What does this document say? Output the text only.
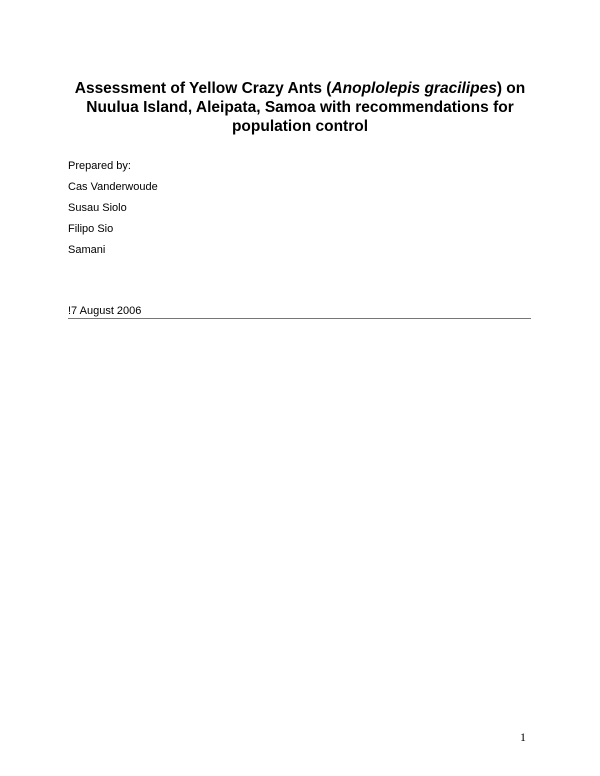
Assessment of Yellow Crazy Ants (Anoplolepis gracilipes) on Nuulua Island, Aleipata, Samoa with recommendations for population control
Prepared by:
Cas Vanderwoude
Susau Siolo
Filipo Sio
Samani
!7 August 2006
1
